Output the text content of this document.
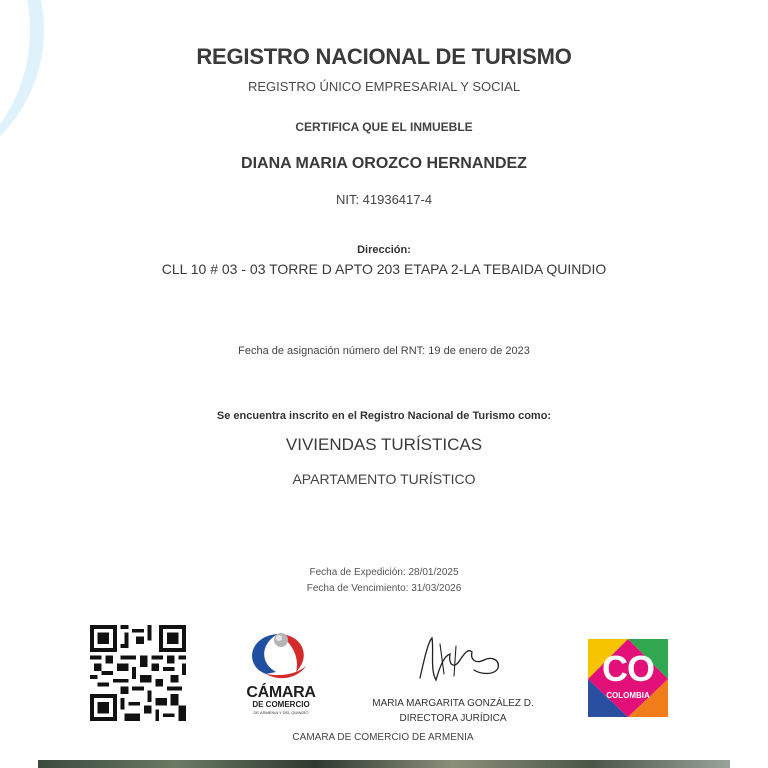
REGISTRO NACIONAL DE TURISMO
REGISTRO ÚNICO EMPRESARIAL Y SOCIAL
CERTIFICA QUE EL INMUEBLE
DIANA MARIA OROZCO HERNANDEZ
NIT: 41936417-4
Dirección:
CLL 10 # 03 - 03 TORRE D APTO 203 ETAPA 2-LA TEBAIDA QUINDIO
Fecha de asignación número del RNT: 19 de enero de 2023
Se encuentra inscrito en el Registro Nacional de Turismo como:
VIVIENDAS TURÍSTICAS
APARTAMENTO TURÍSTICO
Fecha de Expedición: 28/01/2025
Fecha de Vencimiento: 31/03/2026
CÁMARA
DE COMERCIO
DE ARMENIA Y DEL QUINDÍO
MARIA MARGARITA GONZÁLEZ D.
DIRECTORA JURÍDICA
CAMARA DE COMERCIO DE ARMENIA
CO
COLOMBIA
